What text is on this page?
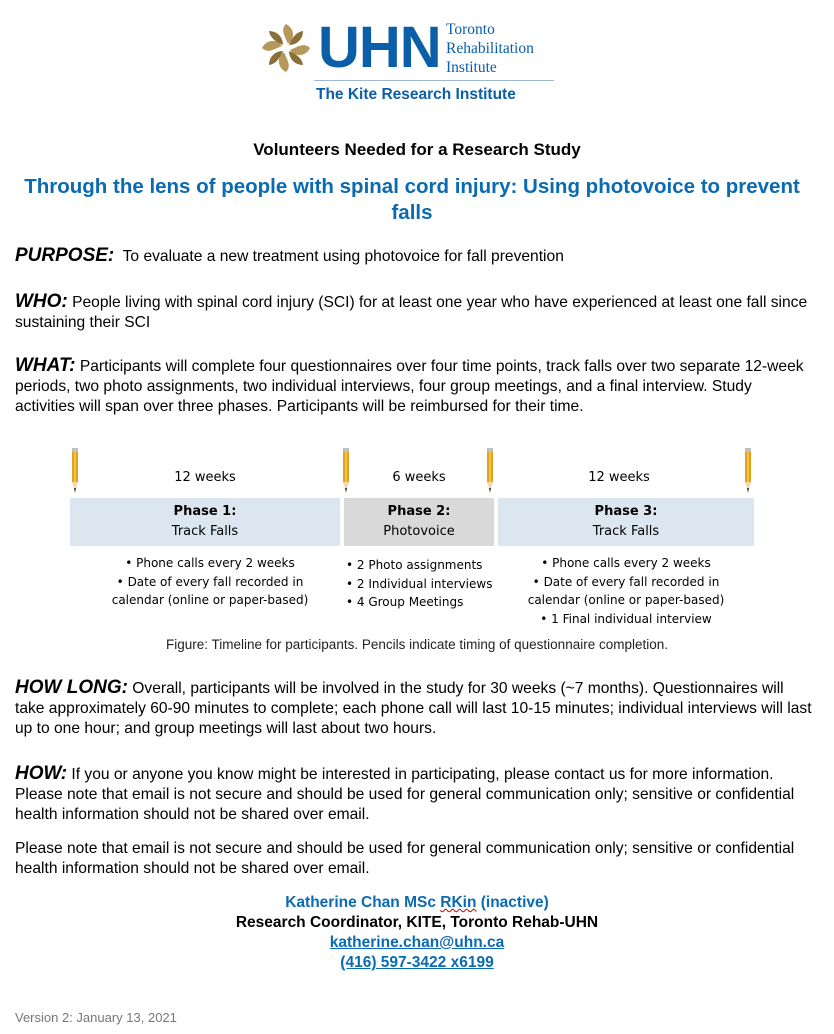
UHN Toronto
Rehabilitation
Institute
The Kite Research Institute
Volunteers Needed for a Research Study
Through the lens of people with spinal cord injury: Using photovoice to prevent falls
PURPOSE: To evaluate a new treatment using photovoice for fall prevention
WHO: People living with spinal cord injury (SCI) for at least one year who have experienced at least one fall since sustaining their SCI
WHAT: Participants will complete four questionnaires over four time points, track falls over two separate 12-week periods, two photo assignments, two individual interviews, four group meetings, and a final interview. Study activities will span over three phases. Participants will be reimbursed for their time.
12 weeks	6 weeks	12 weeks
Phase 1:
Track Falls
Phase 2:
Photovoice
Phase 3:
Track Falls
• Phone calls every 2 weeks
• Date of every fall recorded in
calendar (online or paper-based)
• 2 Photo assignments
• 2 Individual interviews
• 4 Group Meetings
• Phone calls every 2 weeks
• Date of every fall recorded in
calendar (online or paper-based)
• 1 Final individual interview
Figure: Timeline for participants. Pencils indicate timing of questionnaire completion.
HOW LONG: Overall, participants will be involved in the study for 30 weeks (~7 months). Questionnaires will take approximately 60-90 minutes to complete; each phone call will last 10-15 minutes; individual interviews will last up to one hour; and group meetings will last about two hours.
HOW: If you or anyone you know might be interested in participating, please contact us for more information. Please note that email is not secure and should be used for general communication only; sensitive or confidential health information should not be shared over email.
Please note that email is not secure and should be used for general communication only; sensitive or confidential health information should not be shared over email.
Katherine Chan MSc RKin (inactive)
Research Coordinator, KITE, Toronto Rehab-UHN
katherine.chan@uhn.ca
(416) 597-3422 x6199
Version 2: January 13, 2021
